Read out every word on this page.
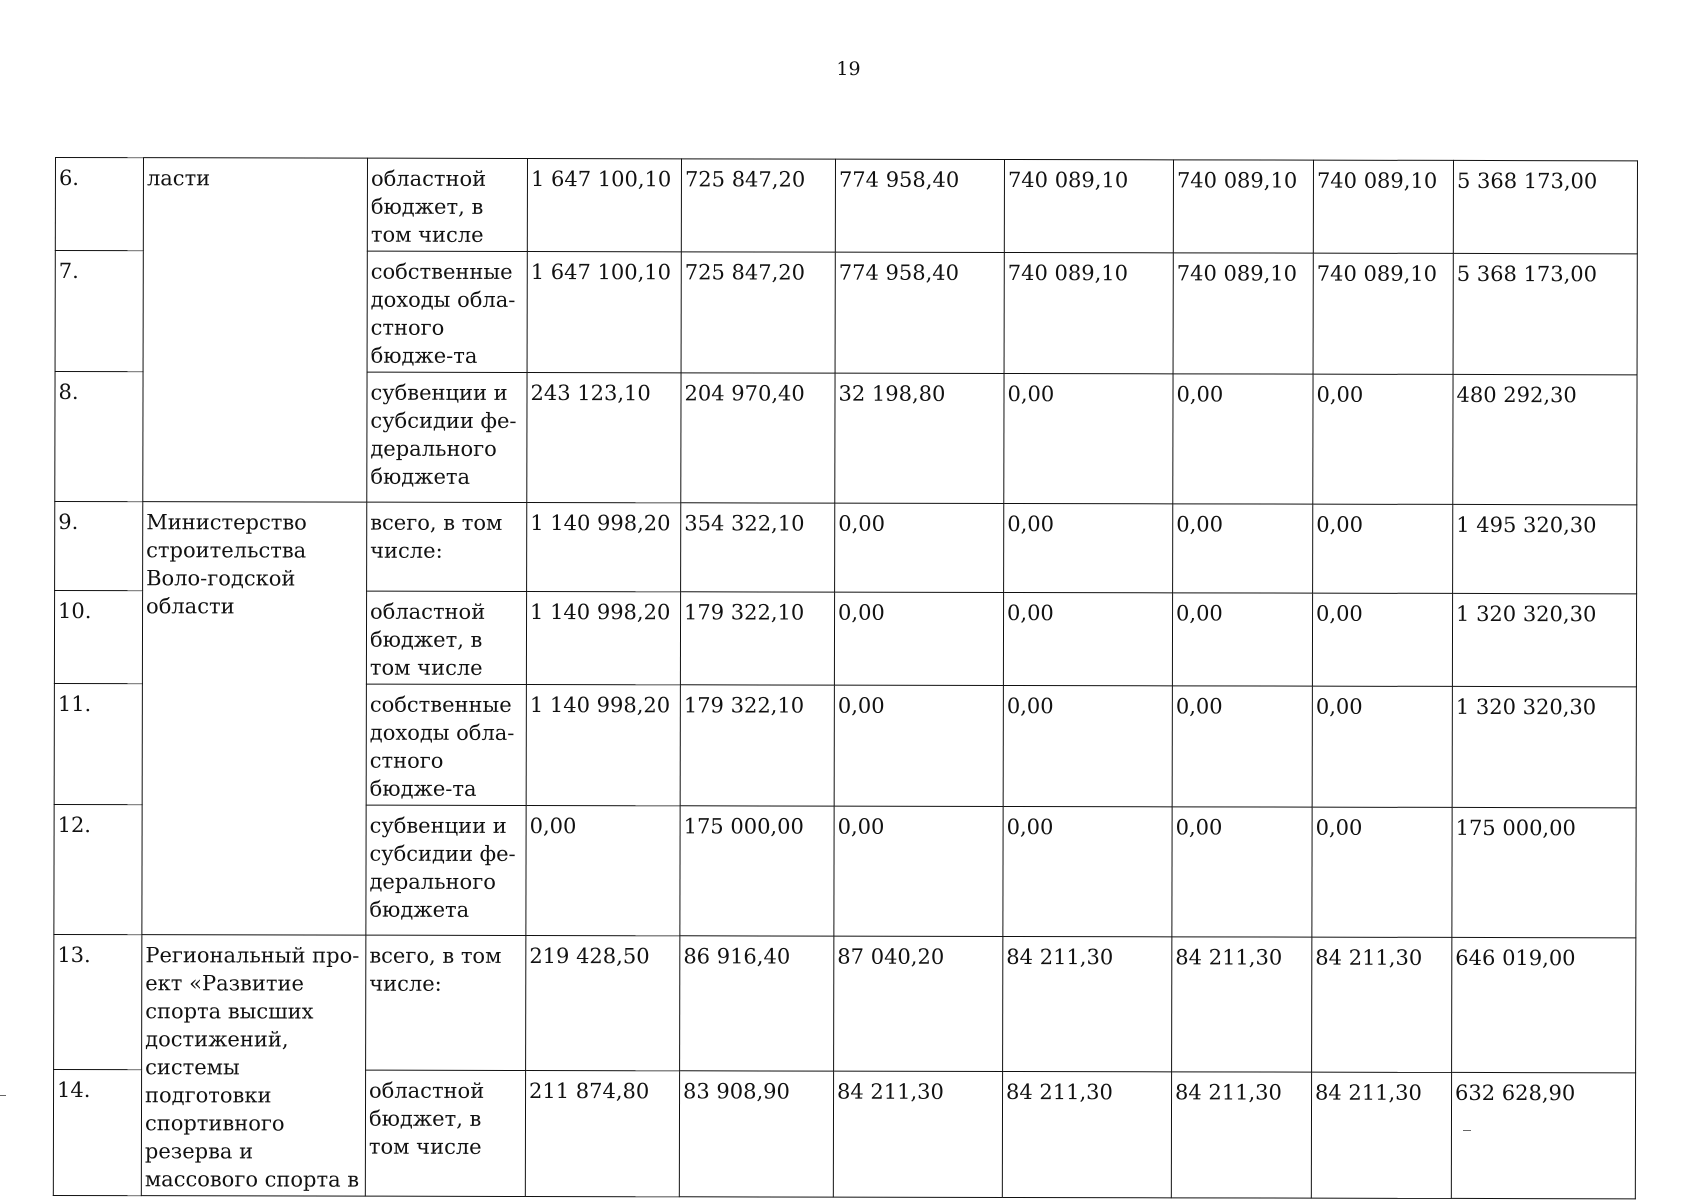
19
6.	ласти	областной бюджет, в том числе	1 647 100,10	725 847,20	774 958,40	740 089,10	740 089,10	740 089,10	5 368 173,00
7.		собственные доходы обла-стного бюдже-та	1 647 100,10	725 847,20	774 958,40	740 089,10	740 089,10	740 089,10	5 368 173,00
8.		субвенции и субсидии фе-дерального бюджета	243 123,10	204 970,40	32 198,80	0,00	0,00	0,00	480 292,30
9.	Министерство строительства Воло-годской области	всего, в том числе:	1 140 998,20	354 322,10	0,00	0,00	0,00	0,00	1 495 320,30
10.		областной бюджет, в том числе	1 140 998,20	179 322,10	0,00	0,00	0,00	0,00	1 320 320,30
11.		собственные доходы обла-стного бюдже-та	1 140 998,20	179 322,10	0,00	0,00	0,00	0,00	1 320 320,30
12.		субвенции и субсидии фе-дерального бюджета	0,00	175 000,00	0,00	0,00	0,00	0,00	175 000,00
13.	Региональный про-ект «Развитие спорта высших достижений, системы подготовки спортивного резерва и массового спорта в	всего, в том числе:	219 428,50	86 916,40	87 040,20	84 211,30	84 211,30	84 211,30	646 019,00
14.		областной бюджет, в том числе	211 874,80	83 908,90	84 211,30	84 211,30	84 211,30	84 211,30	632 628,90
